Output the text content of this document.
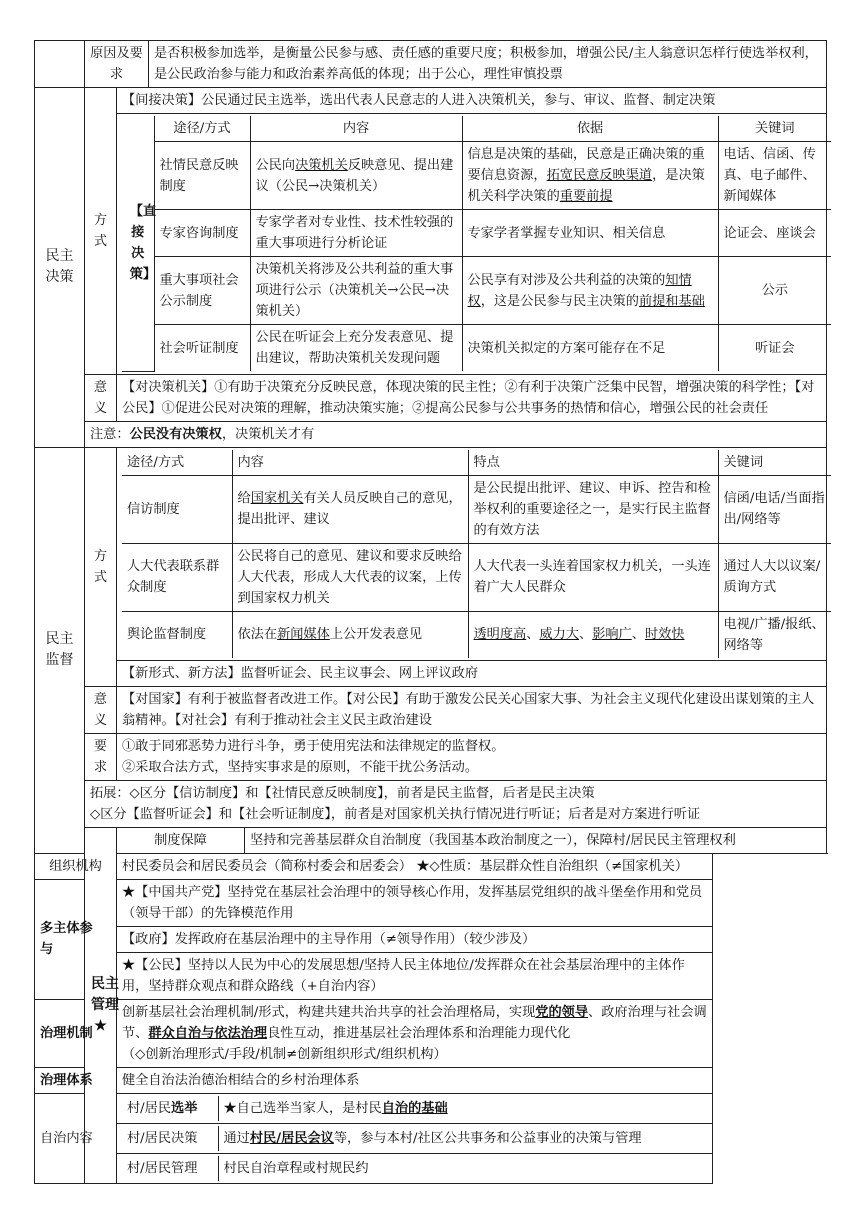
	原因及要求	是否积极参加选举，是衡量公民参与感、责任感的重要尺度；积极参加，增强公民/主人翁意识怎样行使选举权利，是公民政治参与能力和政治素养高低的体现；出于公心，理性审慎投票
民主决策	方式	【间接决策】公民通过民主选举，选出代表人民意志的人进入决策机关，参与、审议、监督、制定决策

【直接决策】	途径/方式	内容	依据	关键词
社情民意反映制度	公民向决策机关反映意见、提出建议（公民→决策机关）	信息是决策的基础，民意是正确决策的重要信息资源，拓宽民意反映渠道，是决策机关科学决策的重要前提	电话、信函、传真、电子邮件、新闻媒体
专家咨询制度	专家学者对专业性、技术性较强的重大事项进行分析论证	专家学者掌握专业知识、相关信息	论证会、座谈会
重大事项社会公示制度	决策机关将涉及公共利益的重大事项进行公示（决策机关→公民→决策机关）	公民享有对涉及公共利益的决策的知情权，这是公民参与民主决策的前提和基础	公示
社会听证制度	公民在听证会上充分发表意见、提出建议，帮助决策机关发现问题	决策机关拟定的方案可能存在不足	听证会

意义	【对决策机关】①有助于决策充分反映民意，体现决策的民主性；②有利于决策广泛集中民智，增强决策的科学性；【对公民】①促进公民对决策的理解，推动决策实施；②提高公民参与公共事务的热情和信心，增强公民的社会责任
注意：公民没有决策权，决策机关才有
民主监督	方式	
途径/方式	内容	特点	关键词
信访制度	给国家机关有关人员反映自己的意见，提出批评、建议	是公民提出批评、建议、申诉、控告和检举权利的重要途径之一，是实行民主监督的有效方法	信函/电话/当面指出/网络等
人大代表联系群众制度	公民将自己的意见、建议和要求反映给人大代表，形成人大代表的议案，上传到国家权力机关	人大代表一头连着国家权力机关，一头连着广大人民群众	通过人大以议案/质询方式
舆论监督制度	依法在新闻媒体上公开发表意见	透明度高、威力大、影响广、时效快	电视/广播/报纸、网络等

【新形式、新方法】监督听证会、民主议事会、网上评议政府
意义	【对国家】有利于被监督者改进工作。【对公民】有助于激发公民关心国家大事、为社会主义现代化建设出谋划策的主人翁精神。【对社会】有利于推动社会主义民主政治建设
要求	
①敢于同邪恶势力进行斗争，勇于使用宪法和法律规定的监督权。
②采取合法方式，坚持实事求是的原则，不能干扰公务活动。

拓展：◇区分【信访制度】和【社情民意反映制度】，前者是民主监督，后者是民主决策
◇区分【监督听证会】和【社会听证制度】，前者是对国家机关执行情况进行听证；后者是对方案进行听证

民主管理
★	制度保障	坚持和完善基层群众自治制度（我国基本政治制度之一），保障村/居民民主管理权利
组织机构	村民委员会和居民委员会（简称村委会和居委会） ★◇性质：基层群众性自治组织（≠国家机关）
多主体参与	★【中国共产党】坚持党在基层社会治理中的领导核心作用，发挥基层党组织的战斗堡垒作用和党员（领导干部）的先锋模范作用
【政府】发挥政府在基层治理中的主导作用（≠领导作用）（较少涉及）
★【公民】坚持以人民为中心的发展思想/坚持人民主体地位/发挥群众在社会基层治理中的主体作用，坚持群众观点和群众路线（+自治内容）
治理机制	创新基层社会治理机制/形式，构建共建共治共享的社会治理格局，实现党的领导、政府治理与社会调节、群众自治与依法治理良性互动，推进基层社会治理体系和治理能力现代化
（◇创新治理形式/手段/机制≠创新组织形式/组织机构）
治理体系	健全自治法治德治相结合的乡村治理体系
自治内容	
村/居民选举	★自己选举当家人，是村民自治的基础

村/居民决策	通过村民/居民会议等，参与本村/社区公共事务和公益事业的决策与管理

村/居民管理	村民自治章程或村规民约
